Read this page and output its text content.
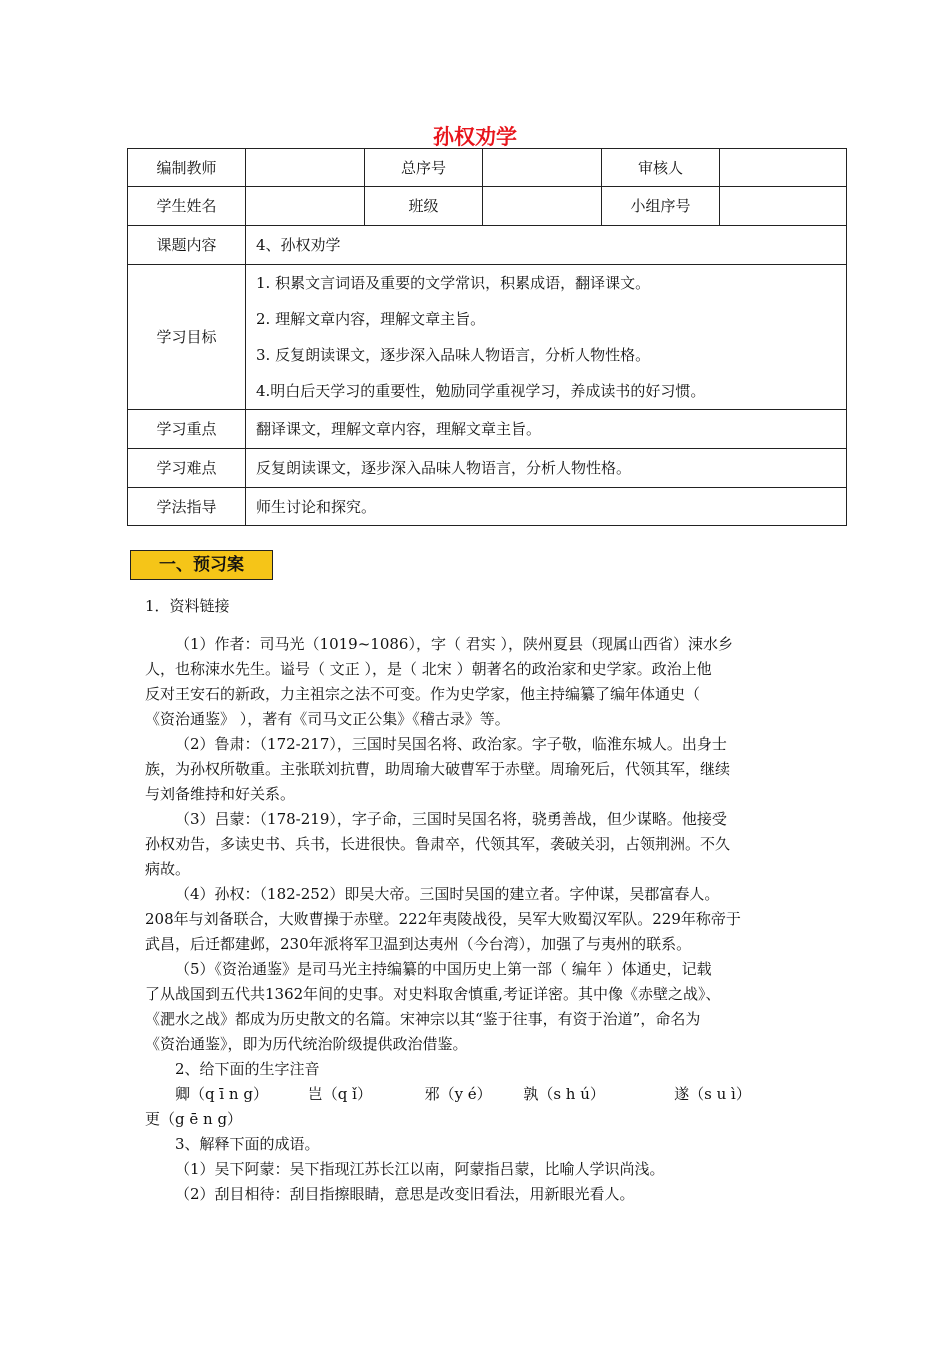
孙权劝学
编制教师		总序号		审核人	
学生姓名		班级		小组序号	
课题内容	4、孙权劝学				
学习目标	1. 积累文言词语及重要的文学常识，积累成语，翻译课文。
2. 理解文章内容，理解文章主旨。
3. 反复朗读课文，逐步深入品味人物语言，分析人物性格。
4.明白后天学习的重要性，勉励同学重视学习，养成读书的好习惯。				

学习重点	翻译课文，理解文章内容，理解文章主旨。				
学习难点	反复朗读课文，逐步深入品味人物语言，分析人物性格。				
学法指导	师生讨论和探究。				
一、预习案
1．资料链接
（1）作者：司马光（1019~1086），字（ 君实 ），陕州夏县（现属山西省）涑水乡
人，也称涑水先生。谥号（ 文正 ），是（ 北宋 ）朝著名的政治家和史学家。政治上他
反对王安石的新政，力主祖宗之法不可变。作为史学家，他主持编纂了编年体通史（
《资治通鉴》 ），著有《司马文正公集》《稽古录》等。
（2）鲁肃：（172-217），三国时吴国名将、政治家。字子敬，临淮东城人。出身士
族，为孙权所敬重。主张联刘抗曹，助周瑜大破曹军于赤壁。周瑜死后，代领其军，继续
与刘备维持和好关系。
（3）吕蒙：（178-219），字子命，三国时吴国名将，骁勇善战，但少谋略。他接受
孙权劝告，多读史书、兵书，长进很快。鲁肃卒，代领其军，袭破关羽，占领荆洲。不久
病故。
（4）孙权：（182-252）即吴大帝。三国时吴国的建立者。字仲谋，吴郡富春人。
208年与刘备联合，大败曹操于赤壁。222年夷陵战役，吴军大败蜀汉军队。229年称帝于
武昌，后迁都建邺，230年派将军卫温到达夷州（今台湾），加强了与夷州的联系。
（5）《资治通鉴》是司马光主持编纂的中国历史上第一部（ 编年 ）体通史，记载
了从战国到五代共1362年间的史事。对史料取舍慎重,考证详密。其中像《赤壁之战》、
《淝水之战》都成为历史散文的名篇。宋神宗以其“鉴于往事，有资于治道”，命名为
《资治通鉴》，即为历代统治阶级提供政治借鉴。
2、给下面的生字注音
卿（q ī n g）	岂（q ǐ）	邪（y é） 孰（s h ú）	遂（s u ì）
更（g ē n g）
3、解释下面的成语。
（1）吴下阿蒙：吴下指现江苏长江以南，阿蒙指吕蒙，比喻人学识尚浅。
（2）刮目相待：刮目指擦眼睛，意思是改变旧看法，用新眼光看人。
